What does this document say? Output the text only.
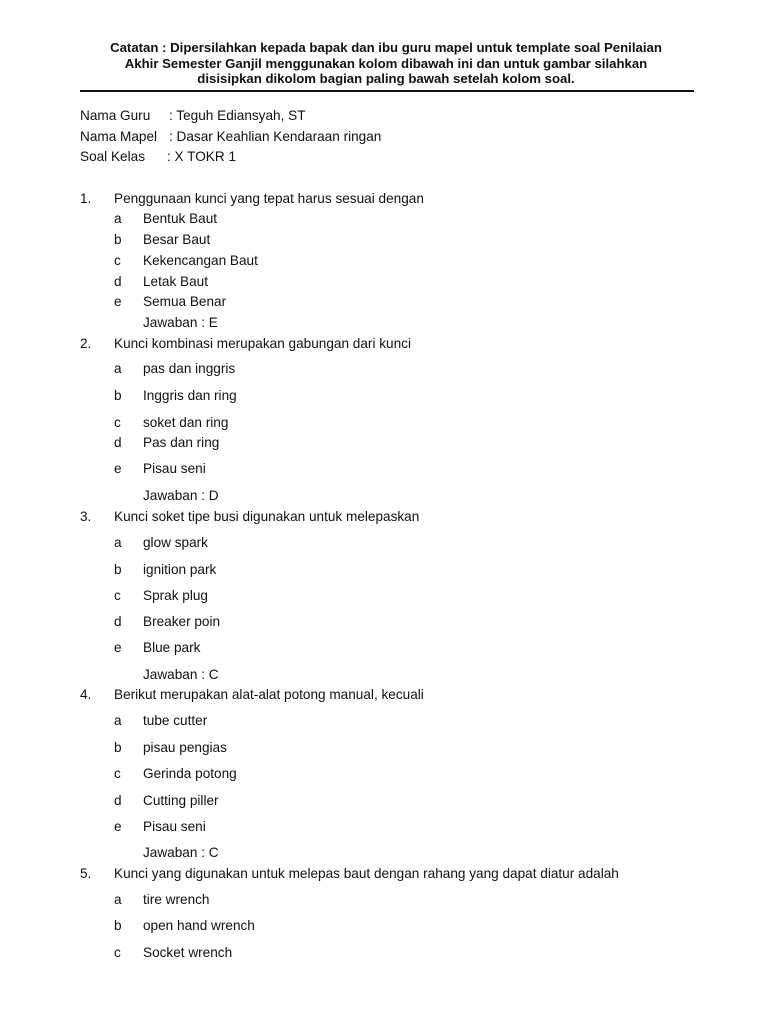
Catatan : Dipersilahkan kepada bapak dan ibu guru mapel untuk template soal Penilaian
Akhir Semester Ganjil menggunakan kolom dibawah ini dan untuk gambar silahkan
disisipkan dikolom bagian paling bawah setelah kolom soal.
Nama Guru : Teguh Ediansyah, ST
Nama Mapel : Dasar Keahlian Kendaraan ringan
Soal Kelas : X TOKR 1
1. Penggunaan kunci yang tepat harus sesuai dengan
a Bentuk Baut
b Besar Baut
c Kekencangan Baut
d Letak Baut
e Semua Benar
Jawaban : E
2. Kunci kombinasi merupakan gabungan dari kunci
a pas dan inggris
b Inggris dan ring
c soket dan ring
d Pas dan ring
e Pisau seni
Jawaban : D
3. Kunci soket tipe busi digunakan untuk melepaskan
a glow spark
b ignition park
c Sprak plug
d Breaker poin
e Blue park
Jawaban : C
4. Berikut merupakan alat-alat potong manual, kecuali
a tube cutter
b pisau pengias
c Gerinda potong
d Cutting piller
e Pisau seni
Jawaban : C
5. Kunci yang digunakan untuk melepas baut dengan rahang yang dapat diatur adalah
a tire wrench
b open hand wrench
c Socket wrench
